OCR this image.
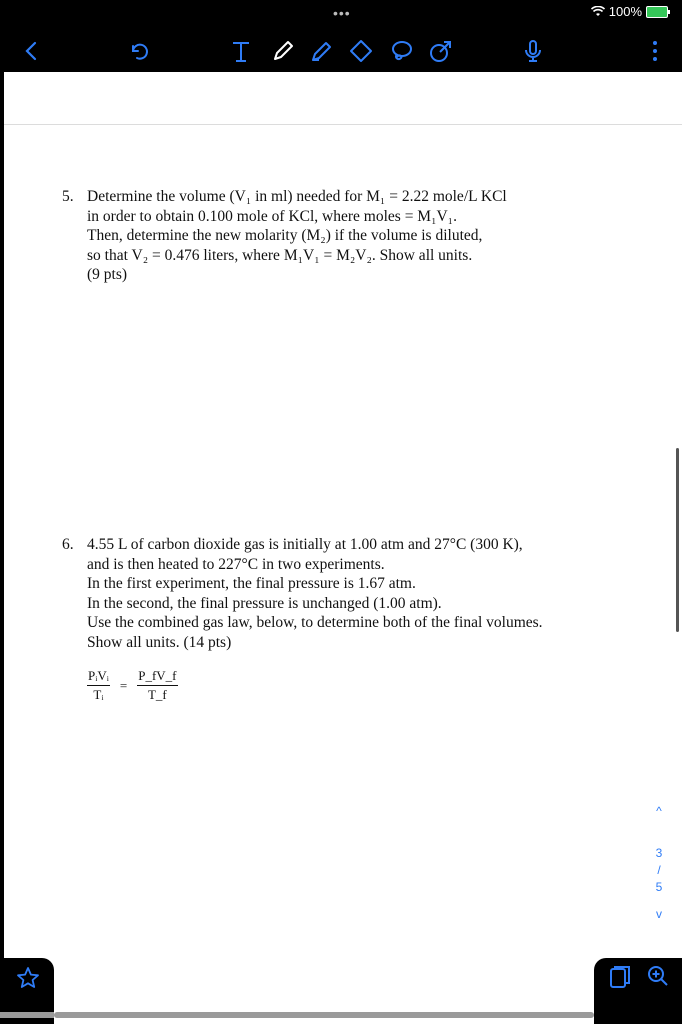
•••	100%
5. Determine the volume (V₁ in ml) needed for M₁ = 2.22 mole/L KCl
in order to obtain 0.100 mole of KCl, where moles = M₁V₁.
Then, determine the new molarity (M₂) if the volume is diluted,
so that V₂ = 0.476 liters, where M₁V₁ = M₂V₂. Show all units.
(9 pts)
6. 4.55 L of carbon dioxide gas is initially at 1.00 atm and 27°C (300 K),
and is then heated to 227°C in two experiments.
In the first experiment, the final pressure is 1.67 atm.
In the second, the final pressure is unchanged (1.00 atm).
Use the combined gas law, below, to determine both of the final volumes.
Show all units. (14 pts)
$\frac{\text{PᵢVᵢ}}{\text{Tᵢ}} = \frac{P\_fV\_f}{T\_f}$
^
3
/
5
v
